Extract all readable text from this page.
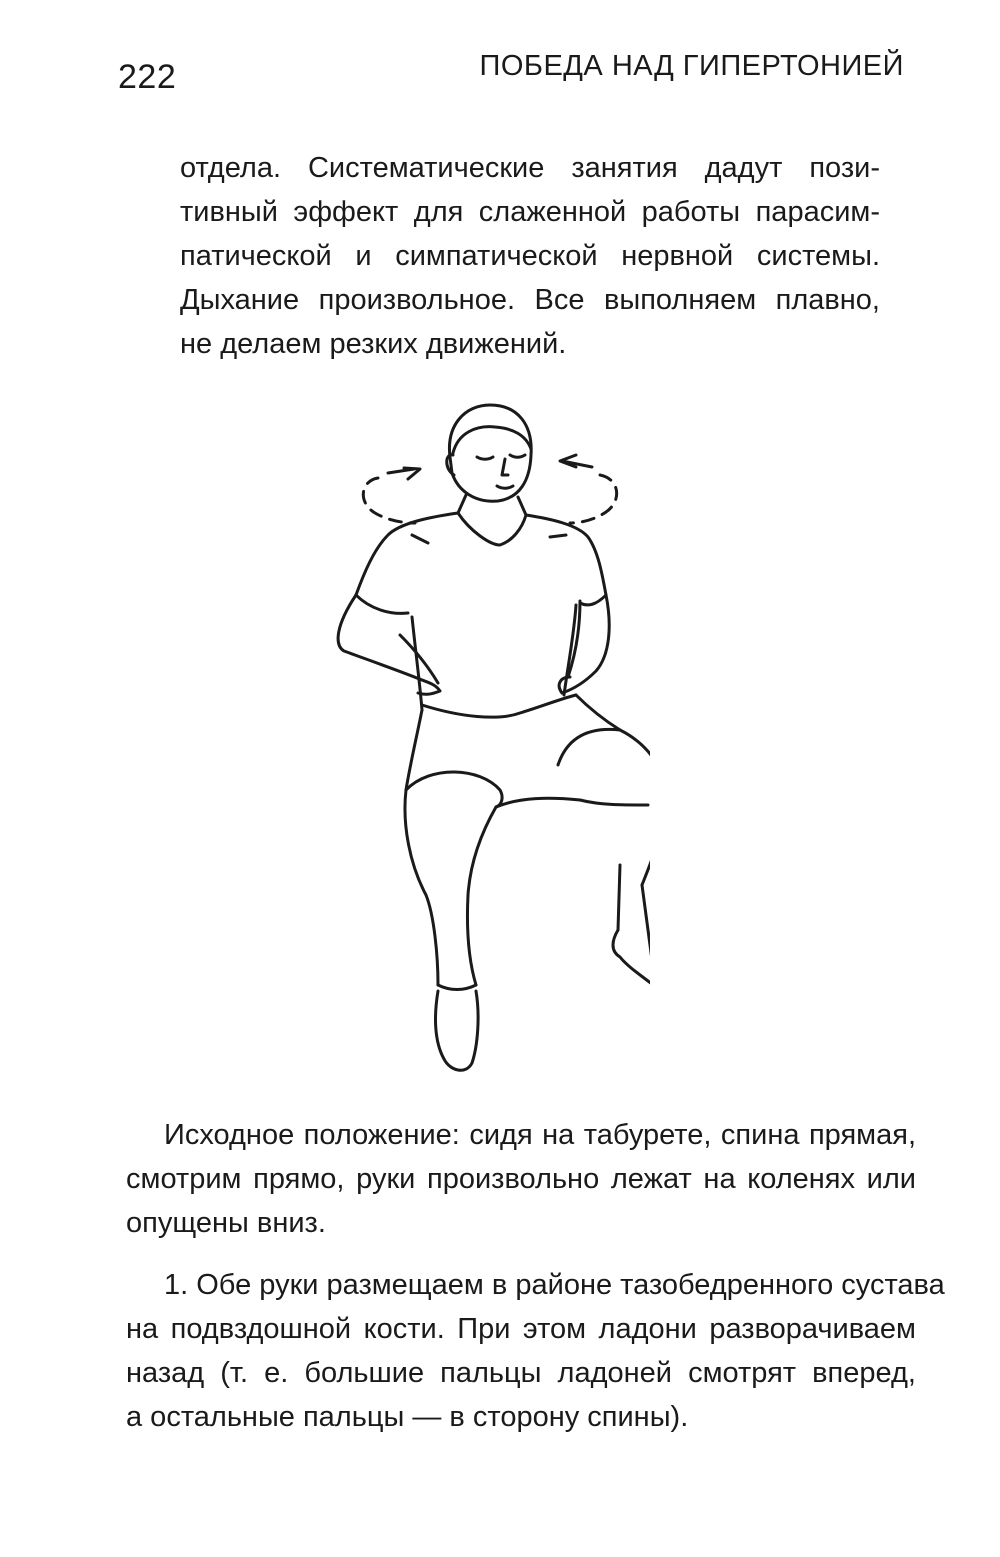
222	ПОБЕДА НАД ГИПЕРТОНИЕЙ
отдела. Систематические занятия дадут пози-
тивный эффект для слаженной работы парасим-
патической и симпатической нервной системы.
Дыхание произвольное. Все выполняем плавно,
не делаем резких движений.
Исходное положение: сидя на табурете, спина прямая,
смотрим прямо, руки произвольно лежат на коленях или
опущены вниз.
1. Обе руки размещаем в районе тазобедренного сустава
на подвздошной кости. При этом ладони разворачиваем
назад (т. е. большие пальцы ладоней смотрят вперед,
а остальные пальцы — в сторону спины).
